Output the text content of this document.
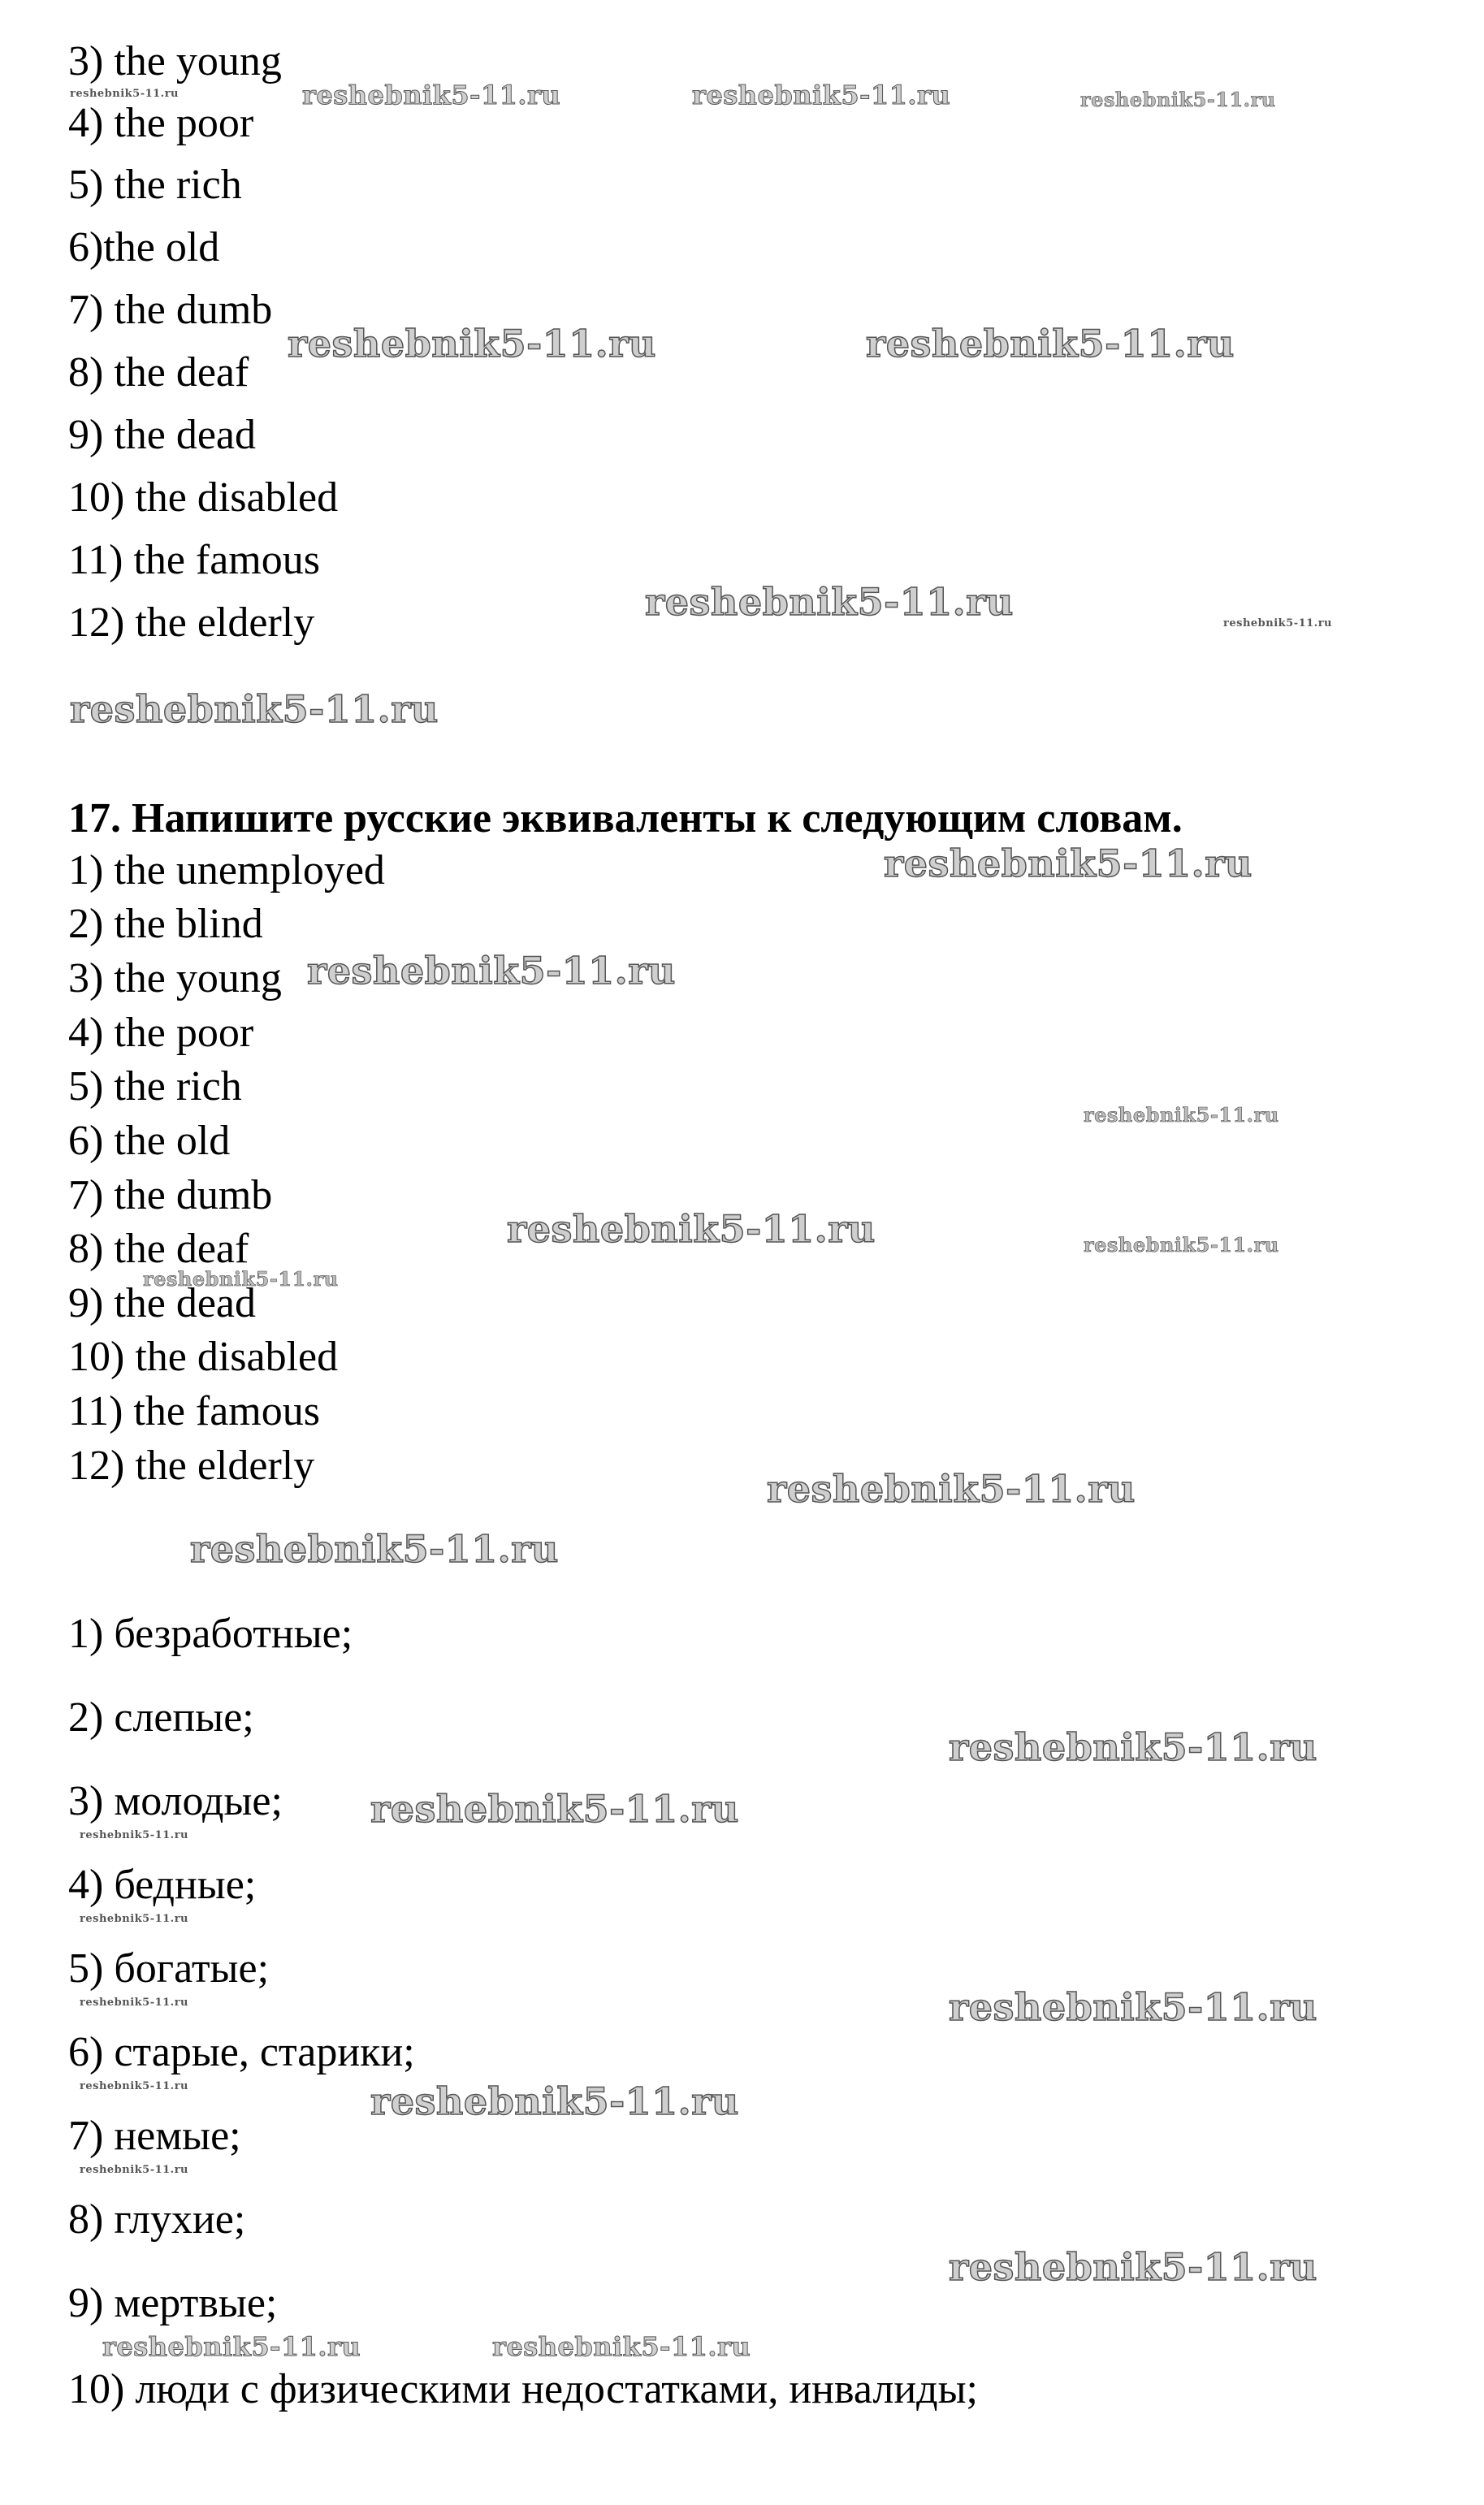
3) the young
4) the poor
5) the rich
6)the old
7) the dumb
8) the deaf
9) the dead
10) the disabled
11) the famous
12) the elderly
17. Напишите русские эквиваленты к следующим словам.
1) the unemployed
2) the blind
3) the young
4) the poor
5) the rich
6) the old
7) the dumb
8) the deaf
9) the dead
10) the disabled
11) the famous
12) the elderly
1) безработные;
2) слепые;
3) молодые;
4) бедные;
5) богатые;
6) старые, старики;
7) немые;
8) глухие;
9) мертвые;
10) люди с физическими недостатками, инвалиды;
reshebnik5-11.ru	reshebnik5-11.ru	reshebnik5-11.ru	reshebnik5-11.ru
reshebnik5-11.ru	reshebnik5-11.ru
reshebnik5-11.ru	reshebnik5-11.ru
reshebnik5-11.ru
reshebnik5-11.ru
reshebnik5-11.ru
reshebnik5-11.ru
reshebnik5-11.ru	reshebnik5-11.ru
reshebnik5-11.ru
reshebnik5-11.ru
reshebnik5-11.ru
reshebnik5-11.ru
reshebnik5-11.ru
reshebnik5-11.ru
reshebnik5-11.ru
reshebnik5-11.ru	reshebnik5-11.ru
reshebnik5-11.ru	reshebnik5-11.ru
reshebnik5-11.ru
reshebnik5-11.ru
reshebnik5-11.ru	reshebnik5-11.ru
